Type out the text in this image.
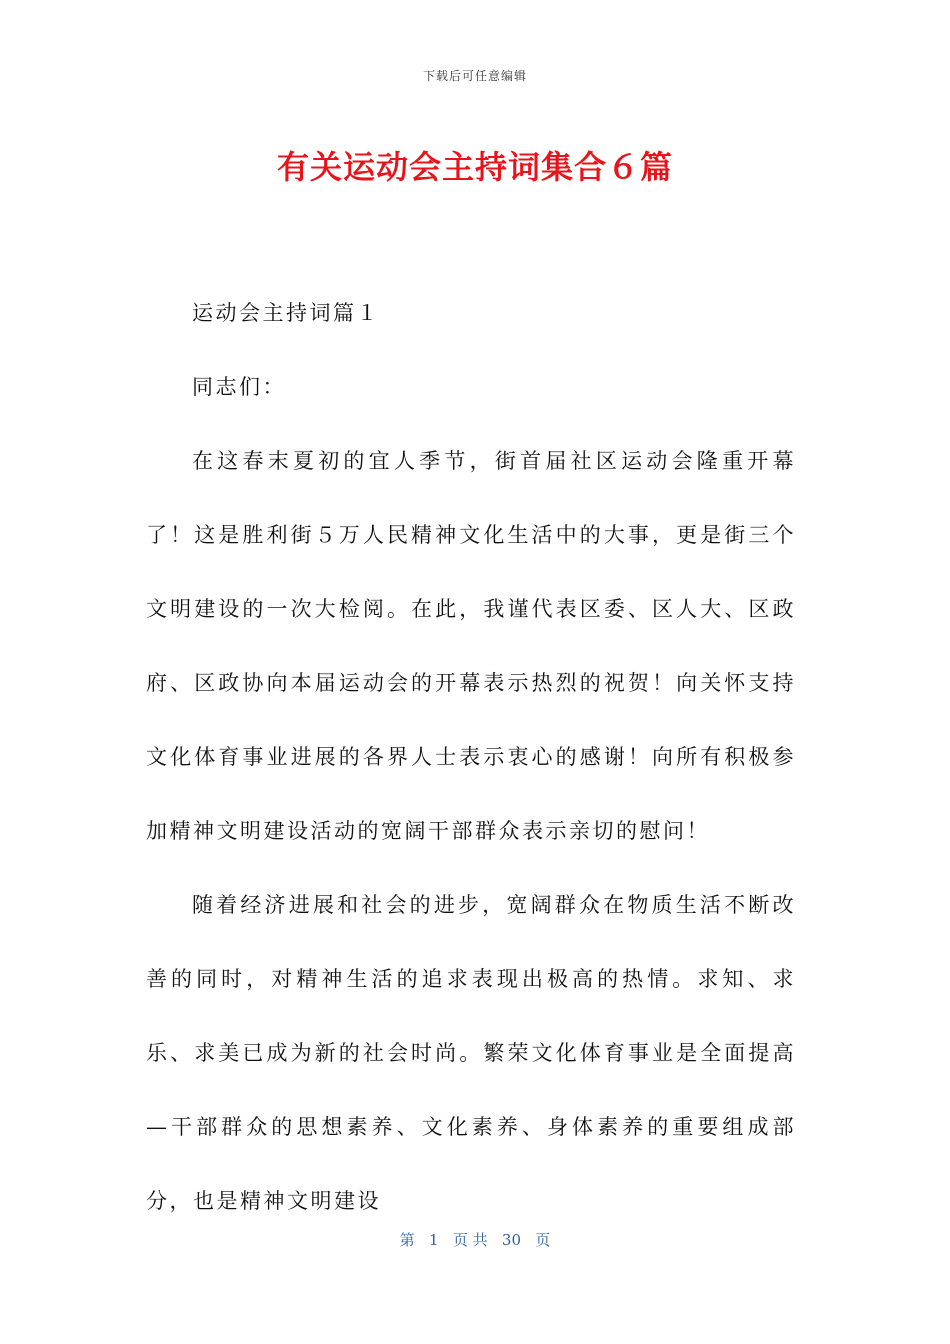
下载后可任意编辑
有关运动会主持词集合６篇

运动会主持词篇１

同志们：

在这春末夏初的宜人季节，街首届社区运动会隆重开幕了！这是胜利街５万人民精神文化生活中的大事，更是街三个文明建设的一次大检阅。在此，我谨代表区委、区人大、区政府、区政协向本届运动会的开幕表示热烈的祝贺！向关怀支持文化体育事业进展的各界人士表示衷心的感谢！向所有积极参加精神文明建设活动的宽阔干部群众表示亲切的慰问！

随着经济进展和社会的进步，宽阔群众在物质生活不断改善的同时，对精神生活的追求表现出极高的热情。求知、求乐、求美已成为新的社会时尚。繁荣文化体育事业是全面提高—干部群众的思想素养、文化素养、身体素养的重要组成部分，也是精神文明建设

第 1 页 共 30 页
